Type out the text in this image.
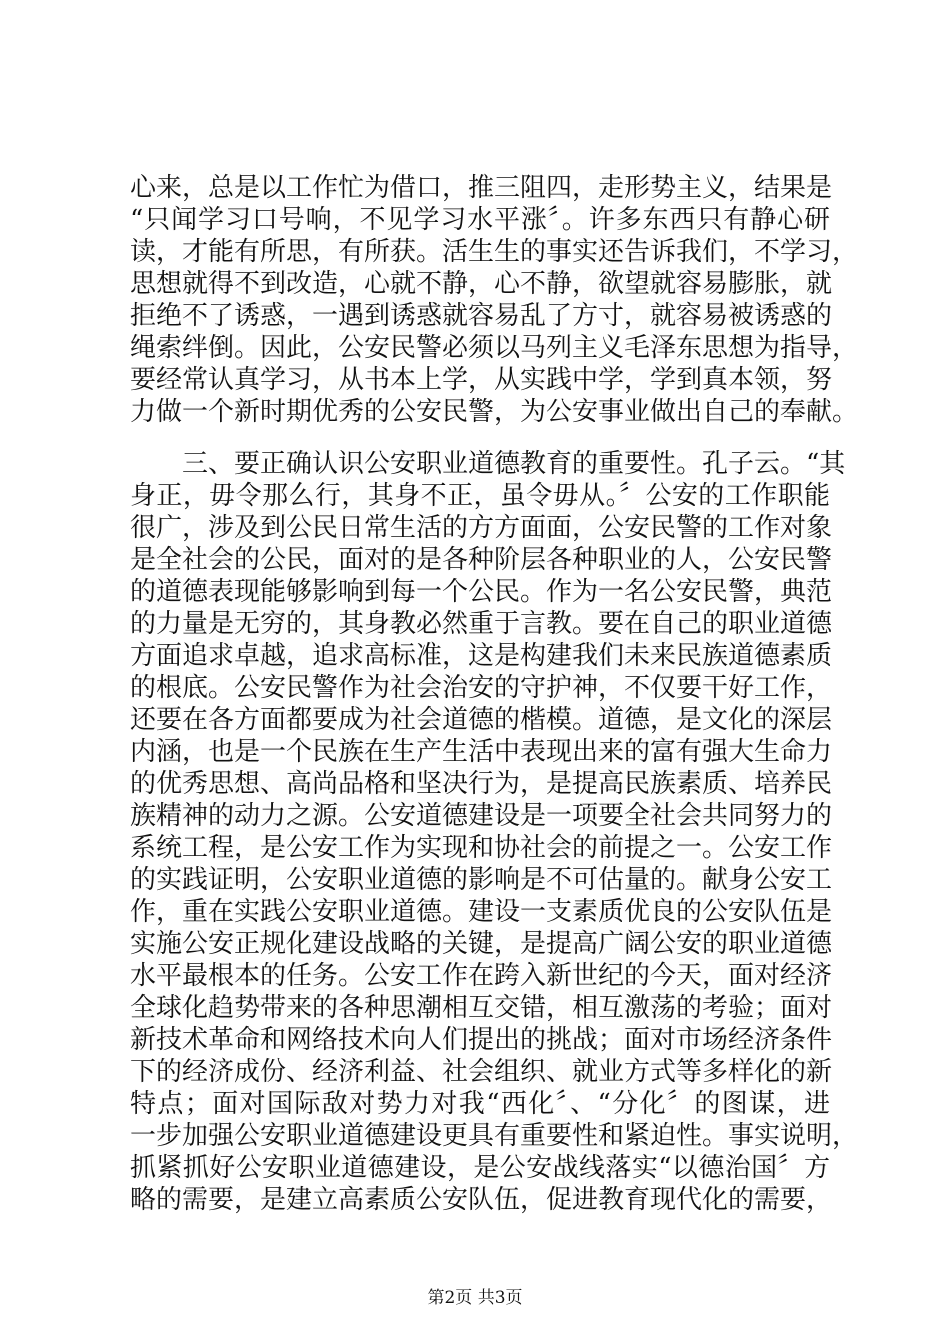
心来，总是以工作忙为借口，推三阻四，走形势主义，结果是
“只闻学习口号响，不见学习水平涨〞。许多东西只有静心研
读，才能有所思，有所获。活生生的事实还告诉我们，不学习，
思想就得不到改造，心就不静，心不静，欲望就容易膨胀，就
拒绝不了诱惑，一遇到诱惑就容易乱了方寸，就容易被诱惑的
绳索绊倒。因此，公安民警必须以马列主义毛泽东思想为指导，
要经常认真学习，从书本上学，从实践中学，学到真本领，努
力做一个新时期优秀的公安民警，为公安事业做出自己的奉献。
　　三、要正确认识公安职业道德教育的重要性。孔子云。“其
身正，毋令那么行，其身不正，虽令毋从。〞公安的工作职能
很广，涉及到公民日常生活的方方面面，公安民警的工作对象
是全社会的公民，面对的是各种阶层各种职业的人，公安民警
的道德表现能够影响到每一个公民。作为一名公安民警，典范
的力量是无穷的，其身教必然重于言教。要在自己的职业道德
方面追求卓越，追求高标准，这是构建我们未来民族道德素质
的根底。公安民警作为社会治安的守护神，不仅要干好工作，
还要在各方面都要成为社会道德的楷模。道德，是文化的深层
内涵，也是一个民族在生产生活中表现出来的富有强大生命力
的优秀思想、高尚品格和坚决行为，是提高民族素质、培养民
族精神的动力之源。公安道德建设是一项要全社会共同努力的
系统工程，是公安工作为实现和协社会的前提之一。公安工作
的实践证明，公安职业道德的影响是不可估量的。献身公安工
作，重在实践公安职业道德。建设一支素质优良的公安队伍是
实施公安正规化建设战略的关键，是提高广阔公安的职业道德
水平最根本的任务。公安工作在跨入新世纪的今天，面对经济
全球化趋势带来的各种思潮相互交错，相互激荡的考验；面对
新技术革命和网络技术向人们提出的挑战；面对市场经济条件
下的经济成份、经济利益、社会组织、就业方式等多样化的新
特点；面对国际敌对势力对我“西化〞、“分化〞的图谋，进
一步加强公安职业道德建设更具有重要性和紧迫性。事实说明，
抓紧抓好公安职业道德建设，是公安战线落实“以德治国〞方
略的需要，是建立高素质公安队伍，促进教育现代化的需要，
第2页 共3页
